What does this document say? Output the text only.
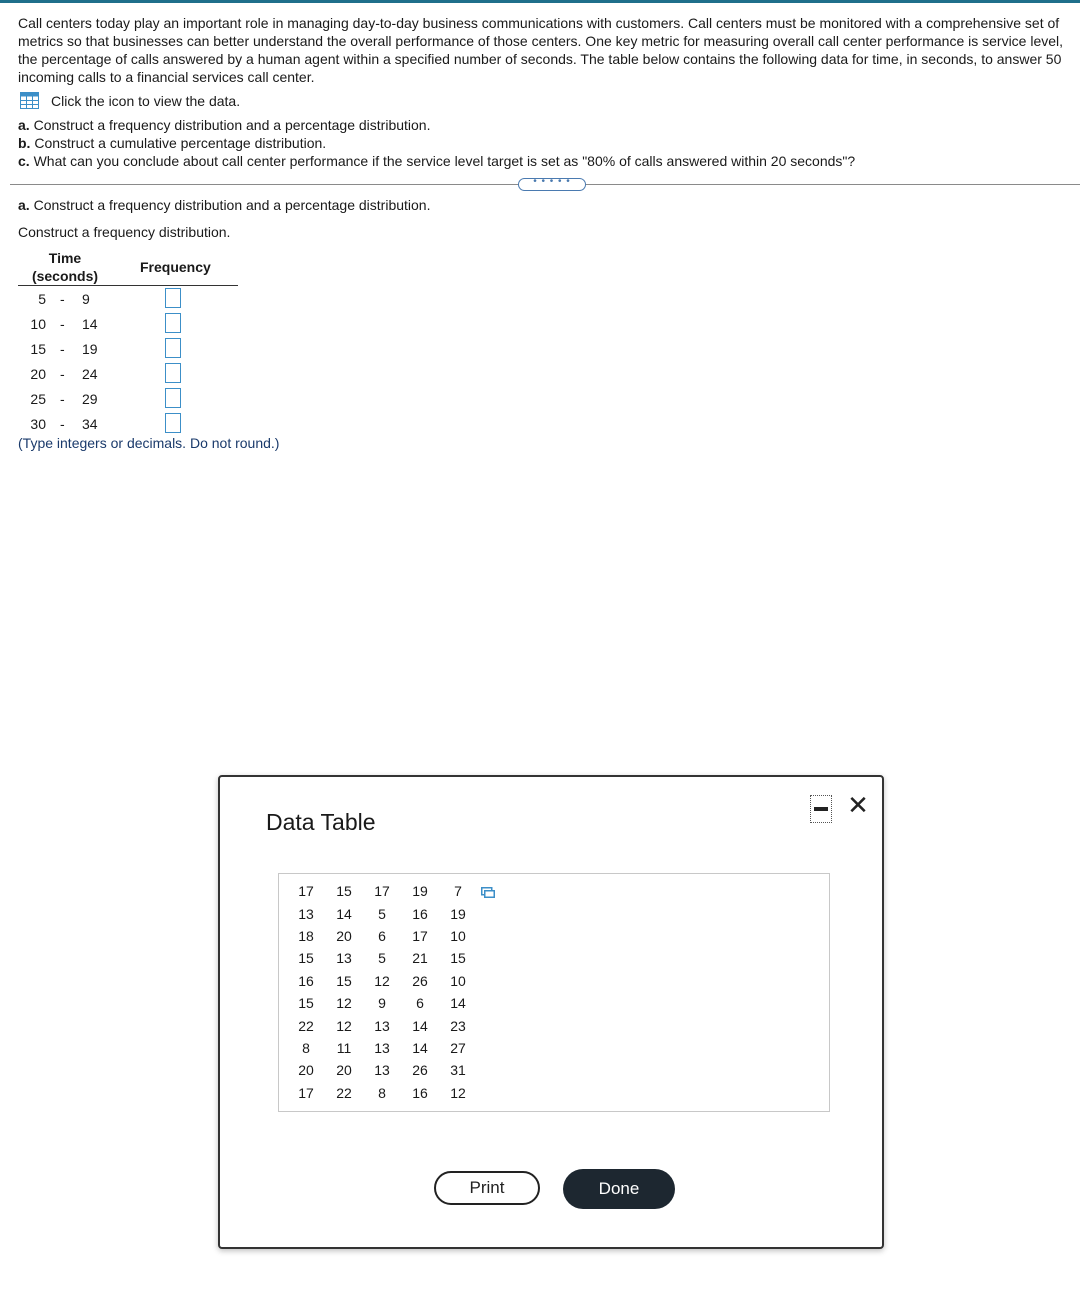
Call centers today play an important role in managing day-to-day business communications with customers. Call centers must be monitored with a comprehensive set of metrics so that businesses can better understand the overall performance of those centers. One key metric for measuring overall call center performance is service level, the percentage of calls answered by a human agent within a specified number of seconds. The table below contains the following data for time, in seconds, to answer 50 incoming calls to a financial services call center.

Click the icon to view the data.
a. Construct a frequency distribution and a percentage distribution.
b. Construct a cumulative percentage distribution.
c. What can you conclude about call center performance if the service level target is set as "80% of calls answered within 20 seconds"?
• • • • •
a. Construct a frequency distribution and a percentage distribution.
Construct a frequency distribution.
Time
(seconds)
Frequency
5 - 9
10 - 14
15 - 19
20 - 24
25 - 29
30 - 34
(Type integers or decimals. Do not round.)
Data Table
✕
17	15	17	19	7
13	14	5	16	19
18	20	6	17	10
15	13	5	21	15
16	15	12	26	10
15	12	9	6	14
22	12	13	14	23
8	11	13	14	27
20	20	13	26	31
17	22	8	16	12
Print	Done
